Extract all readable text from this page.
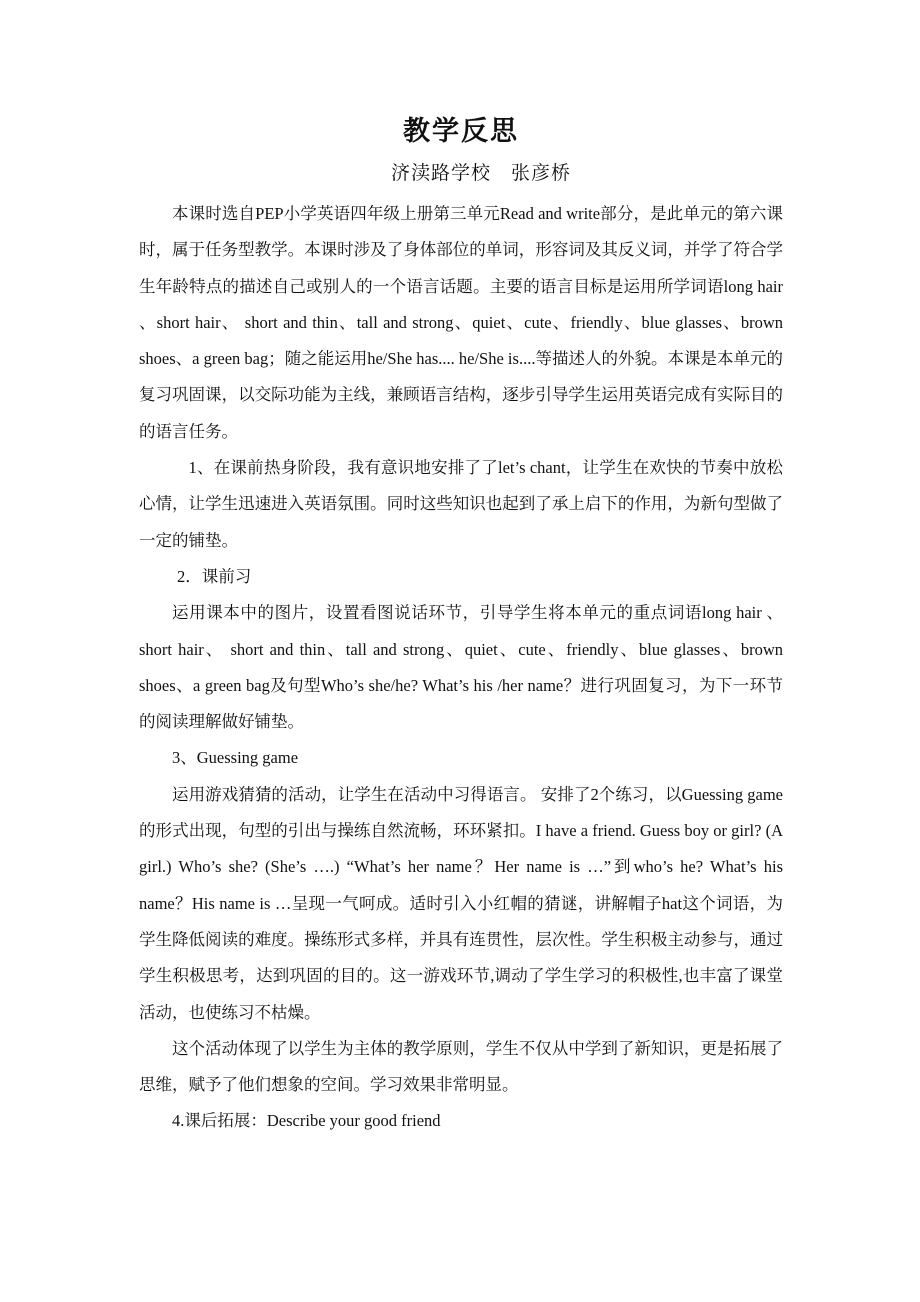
教学反思
济渎路学校　张彦桥

本课时选自PEP小学英语四年级上册第三单元Read and write部分，是此单元的第六课时，属于任务型教学。本课时涉及了身体部位的单词，形容词及其反义词，并学了符合学生年龄特点的描述自己或别人的一个语言话题。主要的语言目标是运用所学词语long hair 、short hair、 short and thin、tall and strong、quiet、cute、friendly、blue glasses、brown shoes、a green bag；随之能运用he/She has.... he/She is....等描述人的外貌。本课是本单元的复习巩固课，以交际功能为主线，兼顾语言结构，逐步引导学生运用英语完成有实际目的的语言任务。

1、在课前热身阶段，我有意识地安排了了let’s chant，让学生在欢快的节奏中放松心情，让学生迅速进入英语氛围。同时这些知识也起到了承上启下的作用，为新句型做了一定的铺垫。

2．课前习

运用课本中的图片，设置看图说话环节，引导学生将本单元的重点词语long hair 、short hair、 short and thin、tall and strong、quiet、cute、friendly、blue glasses、brown shoes、a green bag及句型Who’s she/he? What’s his /her name？进行巩固复习，为下一环节的阅读理解做好铺垫。

3、Guessing game

运用游戏猜猜的活动，让学生在活动中习得语言。 安排了2个练习，以Guessing game的形式出现，句型的引出与操练自然流畅，环环紧扣。I have a friend. Guess boy or girl? (A girl.) Who’s she? (She’s ….) “What’s her name？Her name is …”到who’s he? What’s his name？His name is …呈现一气呵成。适时引入小红帽的猜谜，讲解帽子hat这个词语，为学生降低阅读的难度。操练形式多样，并具有连贯性，层次性。学生积极主动参与，通过学生积极思考，达到巩固的目的。这一游戏环节,调动了学生学习的积极性,也丰富了课堂活动，也使练习不枯燥。

这个活动体现了以学生为主体的教学原则，学生不仅从中学到了新知识，更是拓展了思维，赋予了他们想象的空间。学习效果非常明显。

4.课后拓展：Describe your good friend
